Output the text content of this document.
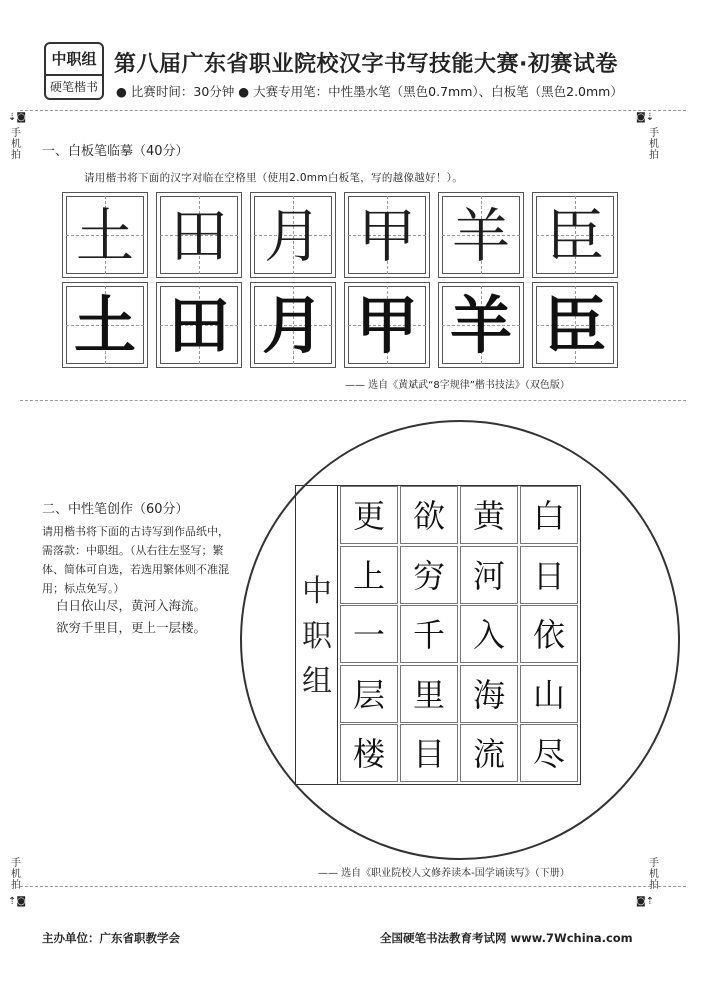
中职组
硬笔楷书
第八届广东省职业院校汉字书写技能大赛·初赛试卷
● 比赛时间：30分钟 ● 大赛专用笔：中性墨水笔（黑色0.7mm）、白板笔（黑色2.0mm）
⇣◙
手机拍
◙⇣
手机拍
手机拍
⇡◙
手机拍
◙⇡
一、白板笔临摹（40分）
请用楷书将下面的汉字对临在空格里（使用2.0mm白板笔，写的越像越好！）。
土 田 月 甲 羊 臣
土 田 月 甲 羊 臣
—— 选自《黄斌武“8字规律”楷书技法》（双色版）
二、中性笔创作（60分）
请用楷书将下面的古诗写到作品纸中，需落款：中职组。（从右往左竖写；繁体、简体可自选，若选用繁体则不准混用；标点免写。）
白日依山尽，黄河入海流。
欲穷千里目，更上一层楼。
中
职
组
白
日
依
山
尽
黄
河
入
海
流
欲
穷
千
里
目
更
上
一
层
楼
—— 选自《职业院校人文修养读本-国学诵读写》（下册）
主办单位：广东省职教学会	全国硬笔书法教育考试网 www.7Wchina.com
